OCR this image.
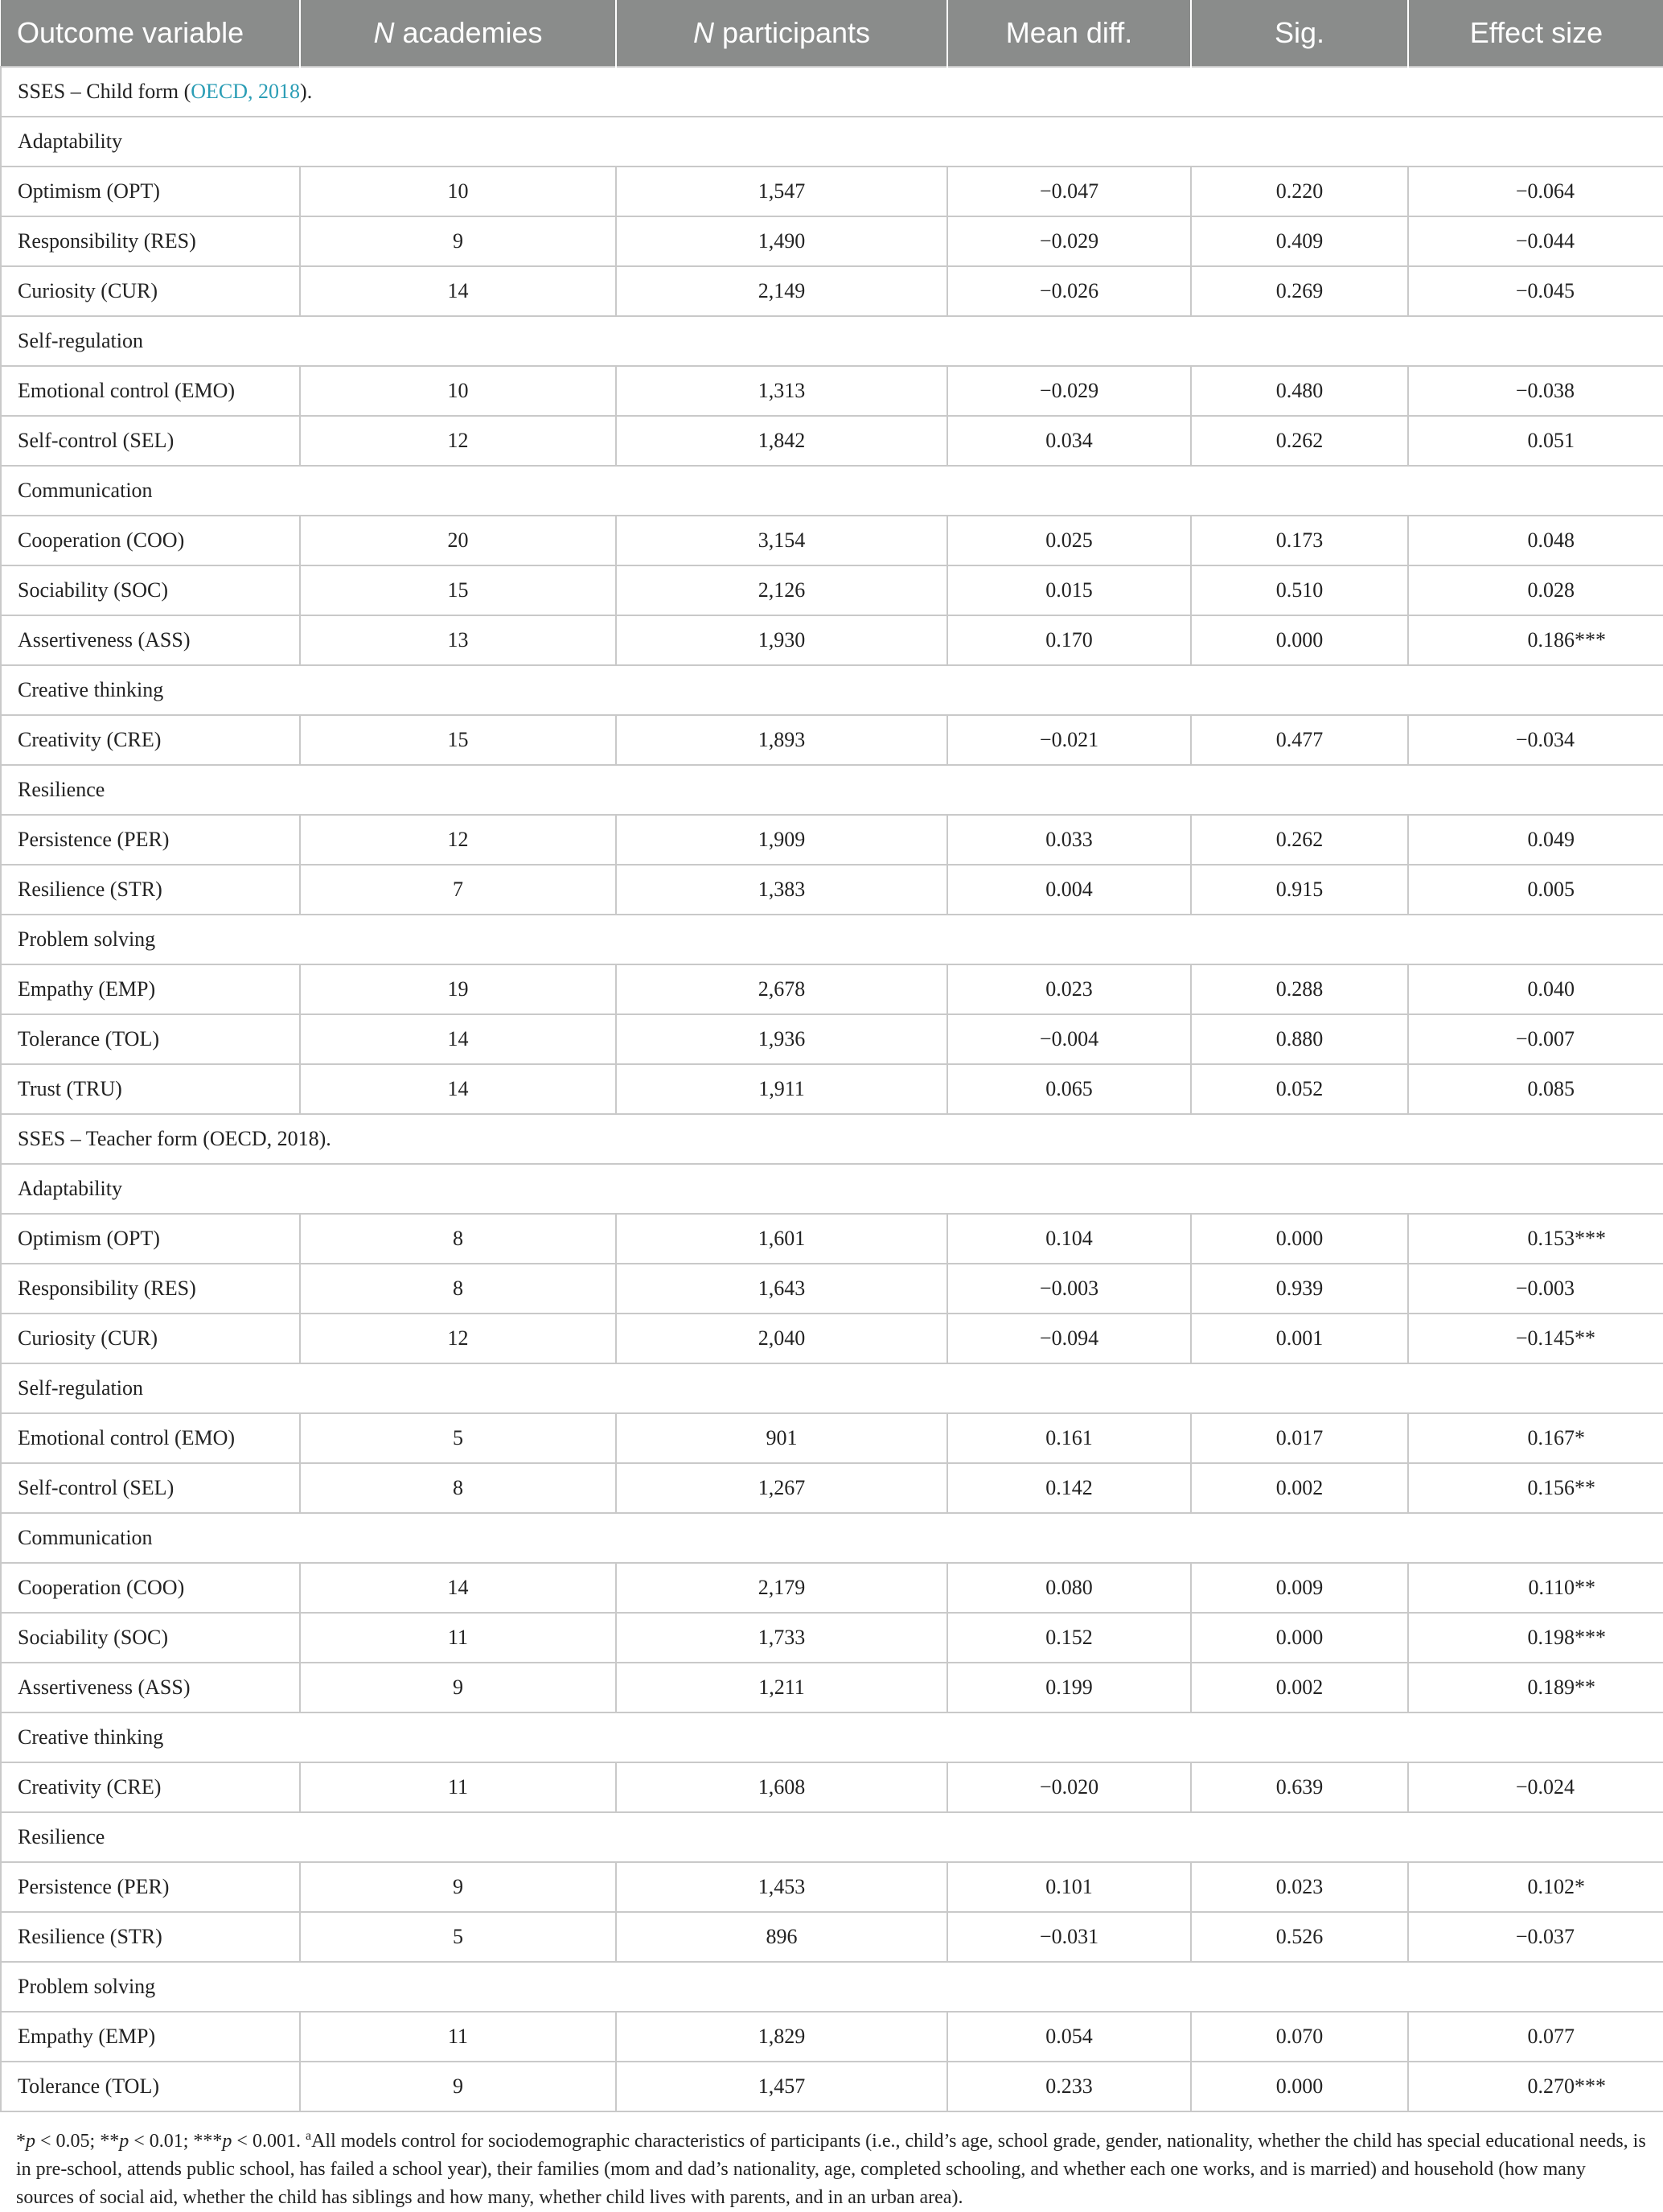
Outcome variable	N academies	N participants	Mean diff.	Sig.	Effect size
SSES – Child form (OECD, 2018).					
Adaptability					
Optimism (OPT)	10	1,547	−0.047	0.220	−0.064
Responsibility (RES)	9	1,490	−0.029	0.409	−0.044
Curiosity (CUR)	14	2,149	−0.026	0.269	−0.045
Self-regulation					
Emotional control (EMO)	10	1,313	−0.029	0.480	−0.038
Self-control (SEL)	12	1,842	0.034	0.262	0.051
Communication					
Cooperation (COO)	20	3,154	0.025	0.173	0.048
Sociability (SOC)	15	2,126	0.015	0.510	0.028
Assertiveness (ASS)	13	1,930	0.170	0.000	0.186***
Creative thinking					
Creativity (CRE)	15	1,893	−0.021	0.477	−0.034
Resilience					
Persistence (PER)	12	1,909	0.033	0.262	0.049
Resilience (STR)	7	1,383	0.004	0.915	0.005
Problem solving					
Empathy (EMP)	19	2,678	0.023	0.288	0.040
Tolerance (TOL)	14	1,936	−0.004	0.880	−0.007
Trust (TRU)	14	1,911	0.065	0.052	0.085
SSES – Teacher form (OECD, 2018).					
Adaptability					
Optimism (OPT)	8	1,601	0.104	0.000	0.153***
Responsibility (RES)	8	1,643	−0.003	0.939	−0.003
Curiosity (CUR)	12	2,040	−0.094	0.001	−0.145**
Self-regulation					
Emotional control (EMO)	5	901	0.161	0.017	0.167*
Self-control (SEL)	8	1,267	0.142	0.002	0.156**
Communication					
Cooperation (COO)	14	2,179	0.080	0.009	0.110**
Sociability (SOC)	11	1,733	0.152	0.000	0.198***
Assertiveness (ASS)	9	1,211	0.199	0.002	0.189**
Creative thinking					
Creativity (CRE)	11	1,608	−0.020	0.639	−0.024
Resilience					
Persistence (PER)	9	1,453	0.101	0.023	0.102*
Resilience (STR)	5	896	−0.031	0.526	−0.037
Problem solving					
Empathy (EMP)	11	1,829	0.054	0.070	0.077
Tolerance (TOL)	9	1,457	0.233	0.000	0.270***
*p < 0.05; **p < 0.01; ***p < 0.001. $^a$All models control for sociodemographic characteristics of participants (i.e., child’s age, school grade, gender, nationality, whether the child has special educational needs, is in pre-school, attends public school, has failed a school year), their families (mom and dad’s nationality, age, completed schooling, and whether each one works, and is married) and household (how many sources of social aid, whether the child has siblings and how many, whether child lives with parents, and in an urban area).
